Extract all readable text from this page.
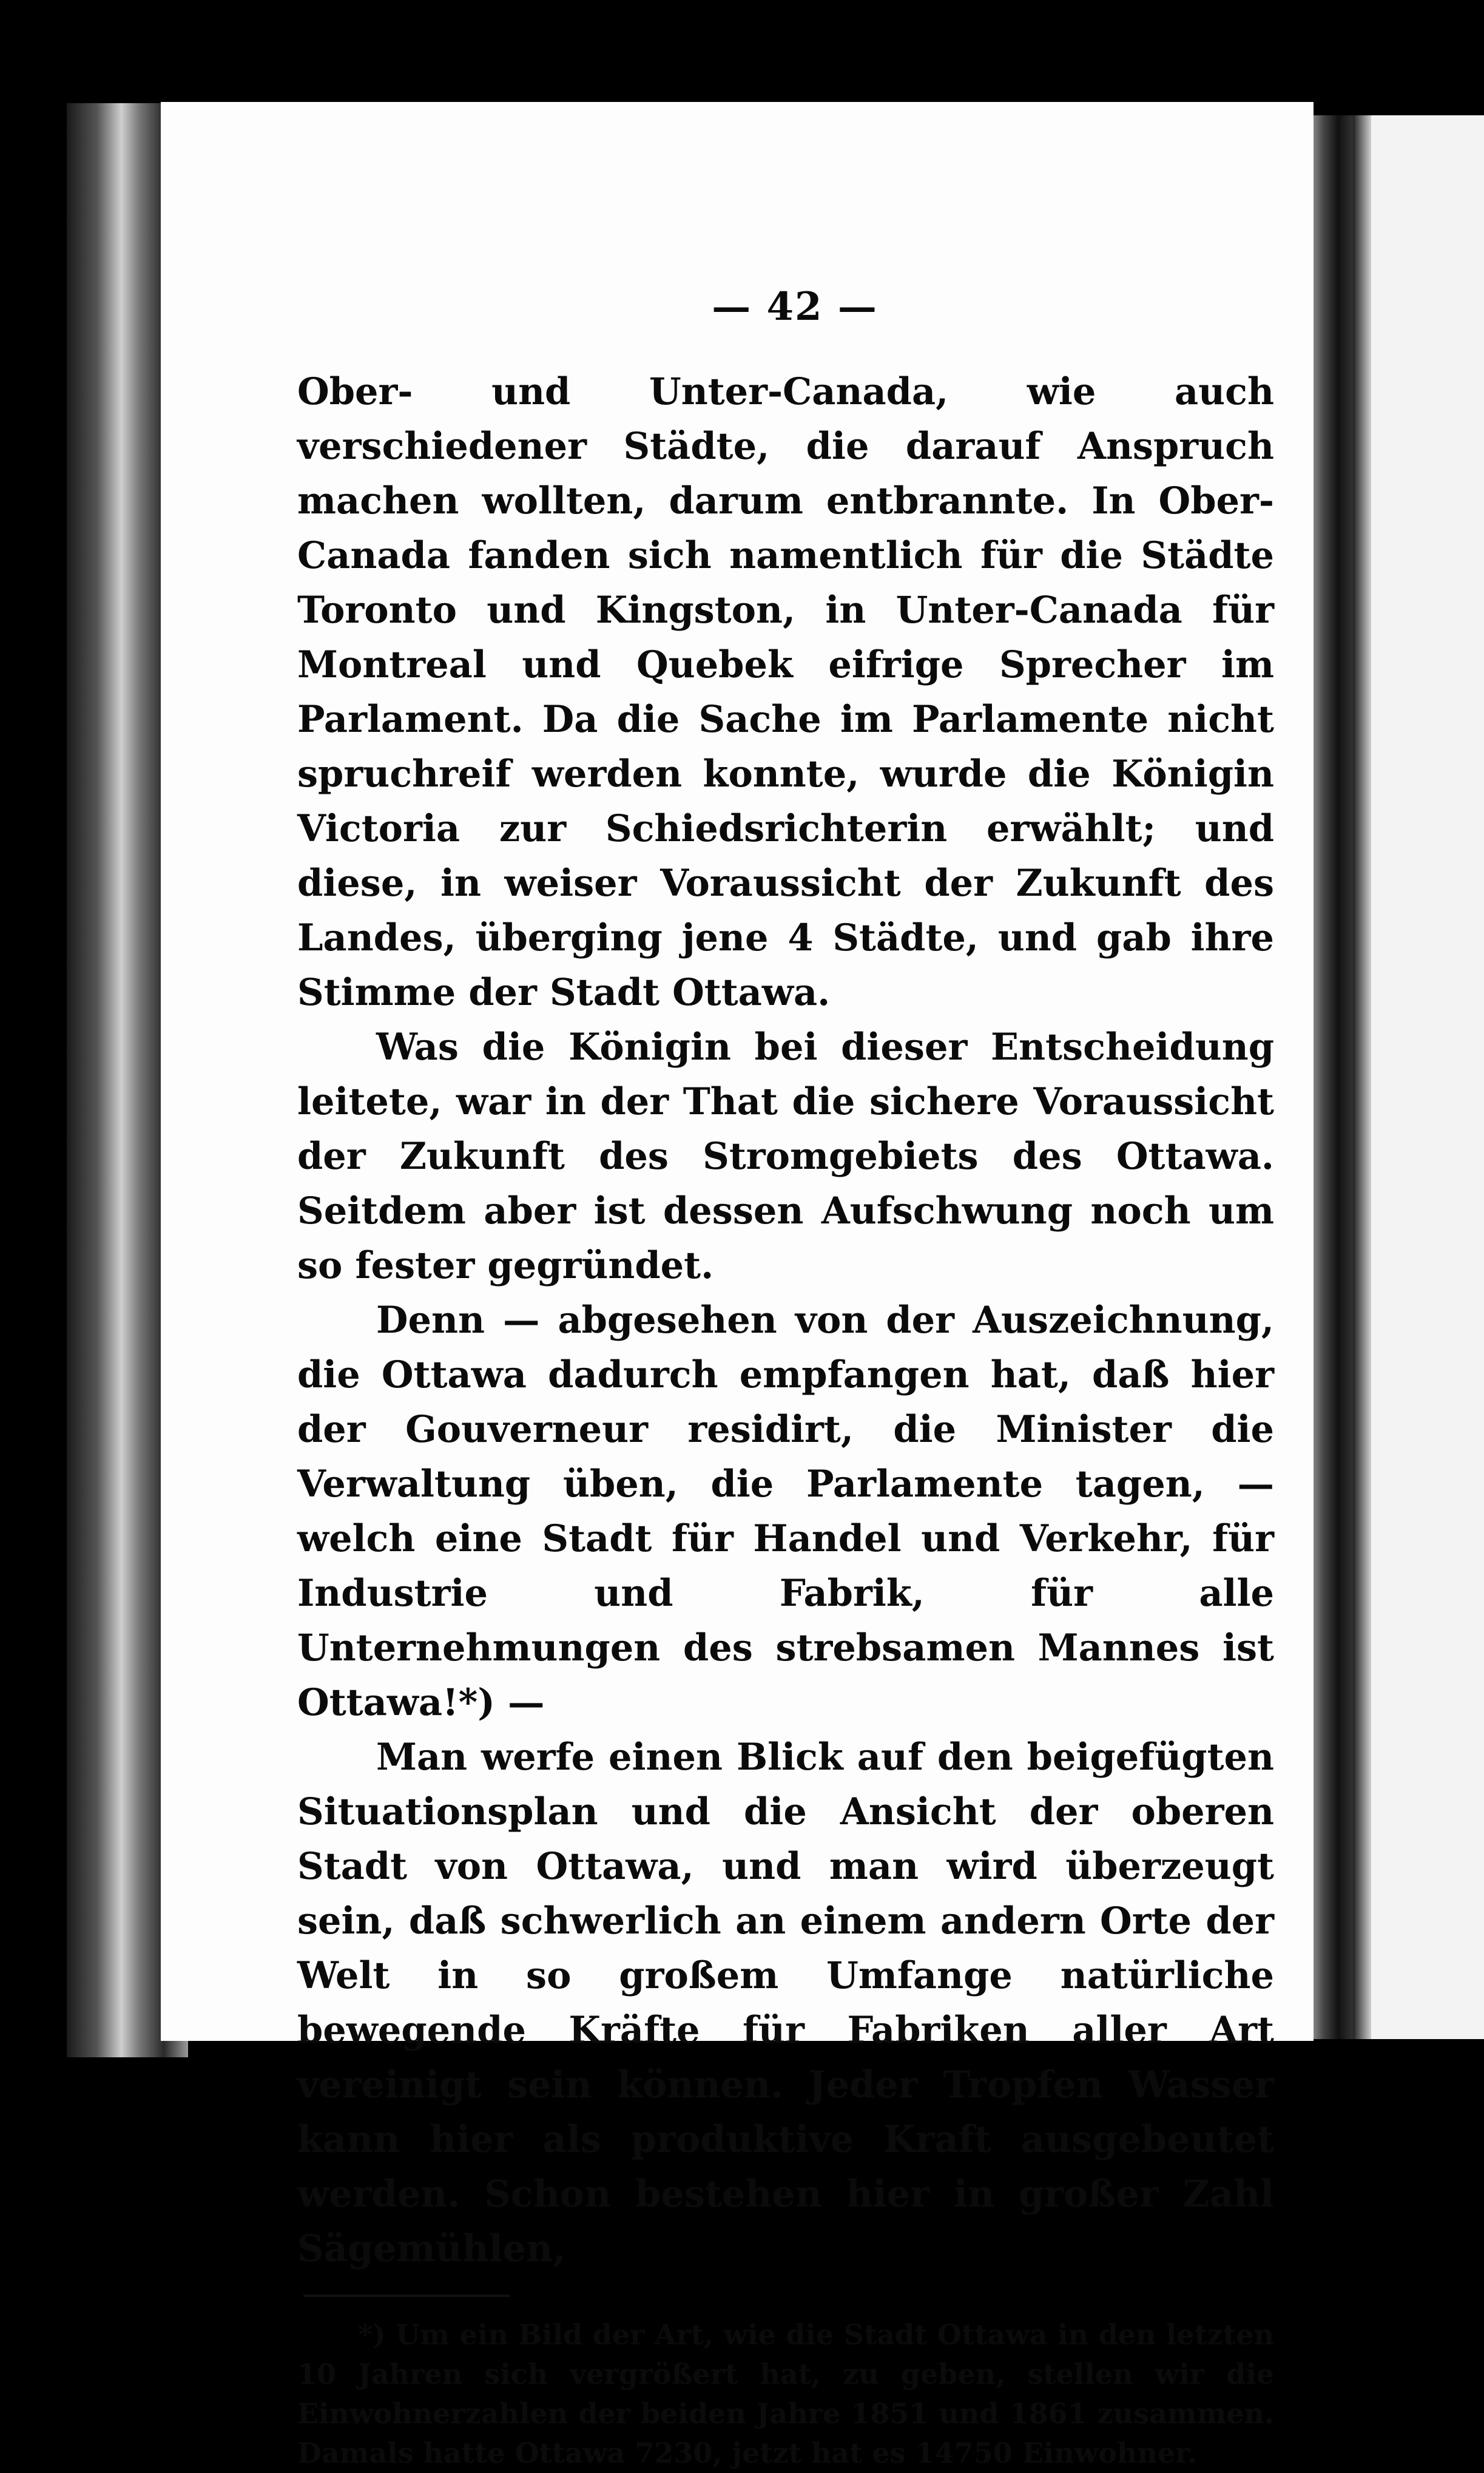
— 42 —

Ober- und Unter-Canada, wie auch verschiedener Städte, die darauf Anspruch machen wollten, darum entbrannte. In Ober-Canada fanden sich namentlich für die Städte Toronto und Kingston, in Unter-Canada für Montreal und Quebek eifrige Sprecher im Parlament. Da die Sache im Parlamente nicht spruchreif werden konnte, wurde die Königin Victoria zur Schiedsrichterin erwählt; und diese, in weiser Voraussicht der Zukunft des Landes, überging jene 4 Städte, und gab ihre Stimme der Stadt Ottawa.

Was die Königin bei dieser Entscheidung leitete, war in der That die sichere Voraussicht der Zukunft des Stromgebiets des Ottawa. Seitdem aber ist dessen Aufschwung noch um so fester gegründet.

Denn — abgesehen von der Auszeichnung, die Ottawa dadurch empfangen hat, daß hier der Gouverneur residirt, die Minister die Verwaltung üben, die Parlamente tagen, — welch eine Stadt für Handel und Verkehr, für Industrie und Fabrik, für alle Unternehmungen des strebsamen Mannes ist Ottawa!*) —

Man werfe einen Blick auf den beigefügten Situationsplan und die Ansicht der oberen Stadt von Ottawa, und man wird überzeugt sein, daß schwerlich an einem andern Orte der Welt in so großem Umfange natürliche bewegende Kräfte für Fabriken aller Art vereinigt sein können. Jeder Tropfen Wasser kann hier als produktive Kraft ausgebeutet werden. Schon bestehen hier in großer Zahl Sägemühlen,

*) Um ein Bild der Art, wie die Stadt Ottawa in den letzten 10 Jahren sich vergrößert hat, zu geben, stellen wir die Einwohnerzahlen der beiden Jahre 1851 und 1861 zusammen. Damals hatte Ottawa 7230, jetzt hat es 14750 Einwohner.
